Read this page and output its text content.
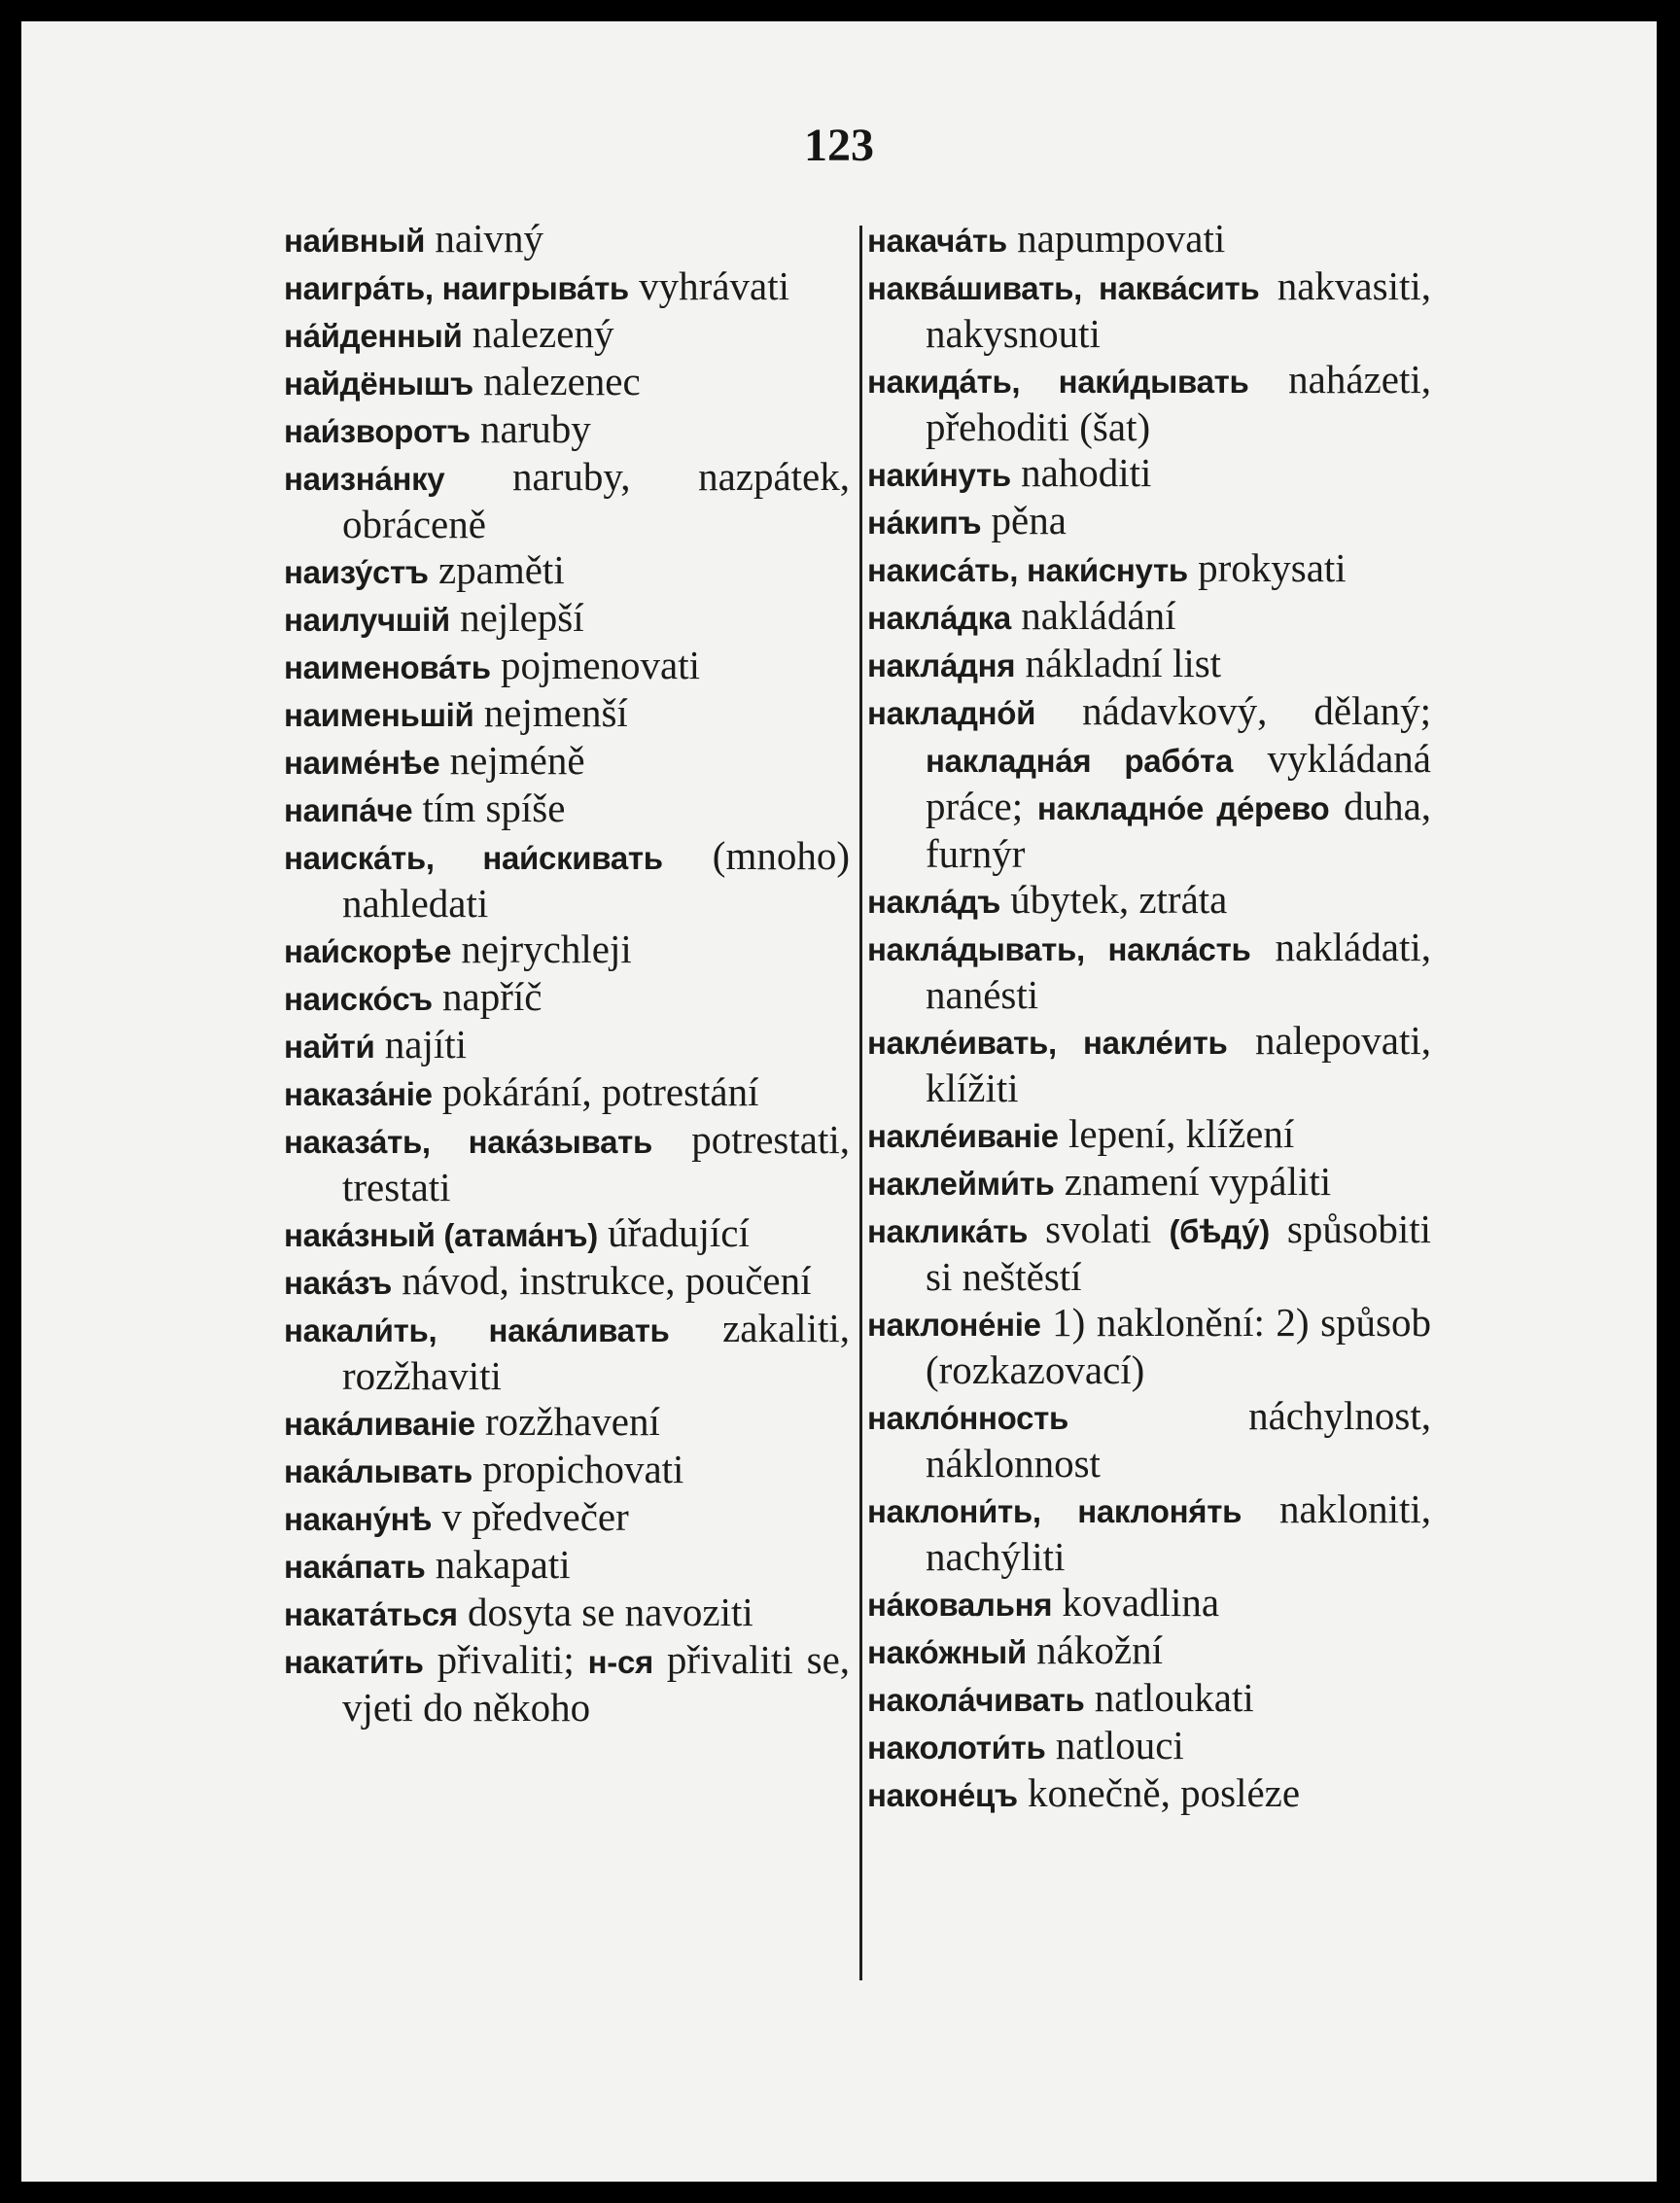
123

наи́вный naivný

наигра́ть, наигрыва́ть vyhrávati

на́йденный nalezený

найдёнышъ nalezenec

наи́зворотъ naruby

наизна́нку naruby, nazpátek, obráceně

наизу́стъ zpaměti

наилучшій nejlepší

наименова́ть pojmenovati

наименьшій nejmenší

наиме́нѣе nejméně

наипа́че tím spíše

наиска́ть, наи́скивать (mnoho) nahledati

наи́скорѣе nejrychleji

наиско́съ napříč

найти́ najíti

наказа́ніе pokárání, potrestání

наказа́ть, нака́зывать potrestati, trestati

нака́зный (атама́нъ) úřadující

нака́зъ návod, instrukce, poučení

накали́ть, нака́ливать zakaliti, rozžhaviti

нака́ливаніе rozžhavení

нака́лывать propichovati

накану́нѣ v předvečer

нака́пать nakapati

наката́ться dosyta se navoziti

накати́ть přivaliti; н-ся přivaliti se, vjeti do někoho

накача́ть napumpovati

наква́шивать, наква́сить nakvasiti, nakysnouti

накида́ть, наки́дывать naházeti, přehoditi (šat)

наки́нуть nahoditi

на́кипъ pěna

накиса́ть, наки́снуть prokysati

накла́дка nakládání

накла́дня nákladní list

накладно́й nádavkový, dělaný; накладна́я рабо́та vykládaná práce; накладно́е де́рево duha, furnýr

накла́дъ úbytek, ztráta

накла́дывать, накла́сть nakládati, nanésti

накле́ивать, накле́ить nalepovati, klížiti

накле́иваніе lepení, klížení

наклейми́ть znamení vypáliti

наклика́ть svolati (бѣду́) spůsobiti si neštěstí

наклоне́ніе 1) naklonění: 2) spůsob (rozkazovací)

накло́нность	náchylnost, náklonnost

наклони́ть, наклоня́ть nakloniti, nachýliti

на́ковальня kovadlina

нако́жный nákožní

накола́чивать natloukati

наколоти́ть natlouci

наконе́цъ konečně, posléze
